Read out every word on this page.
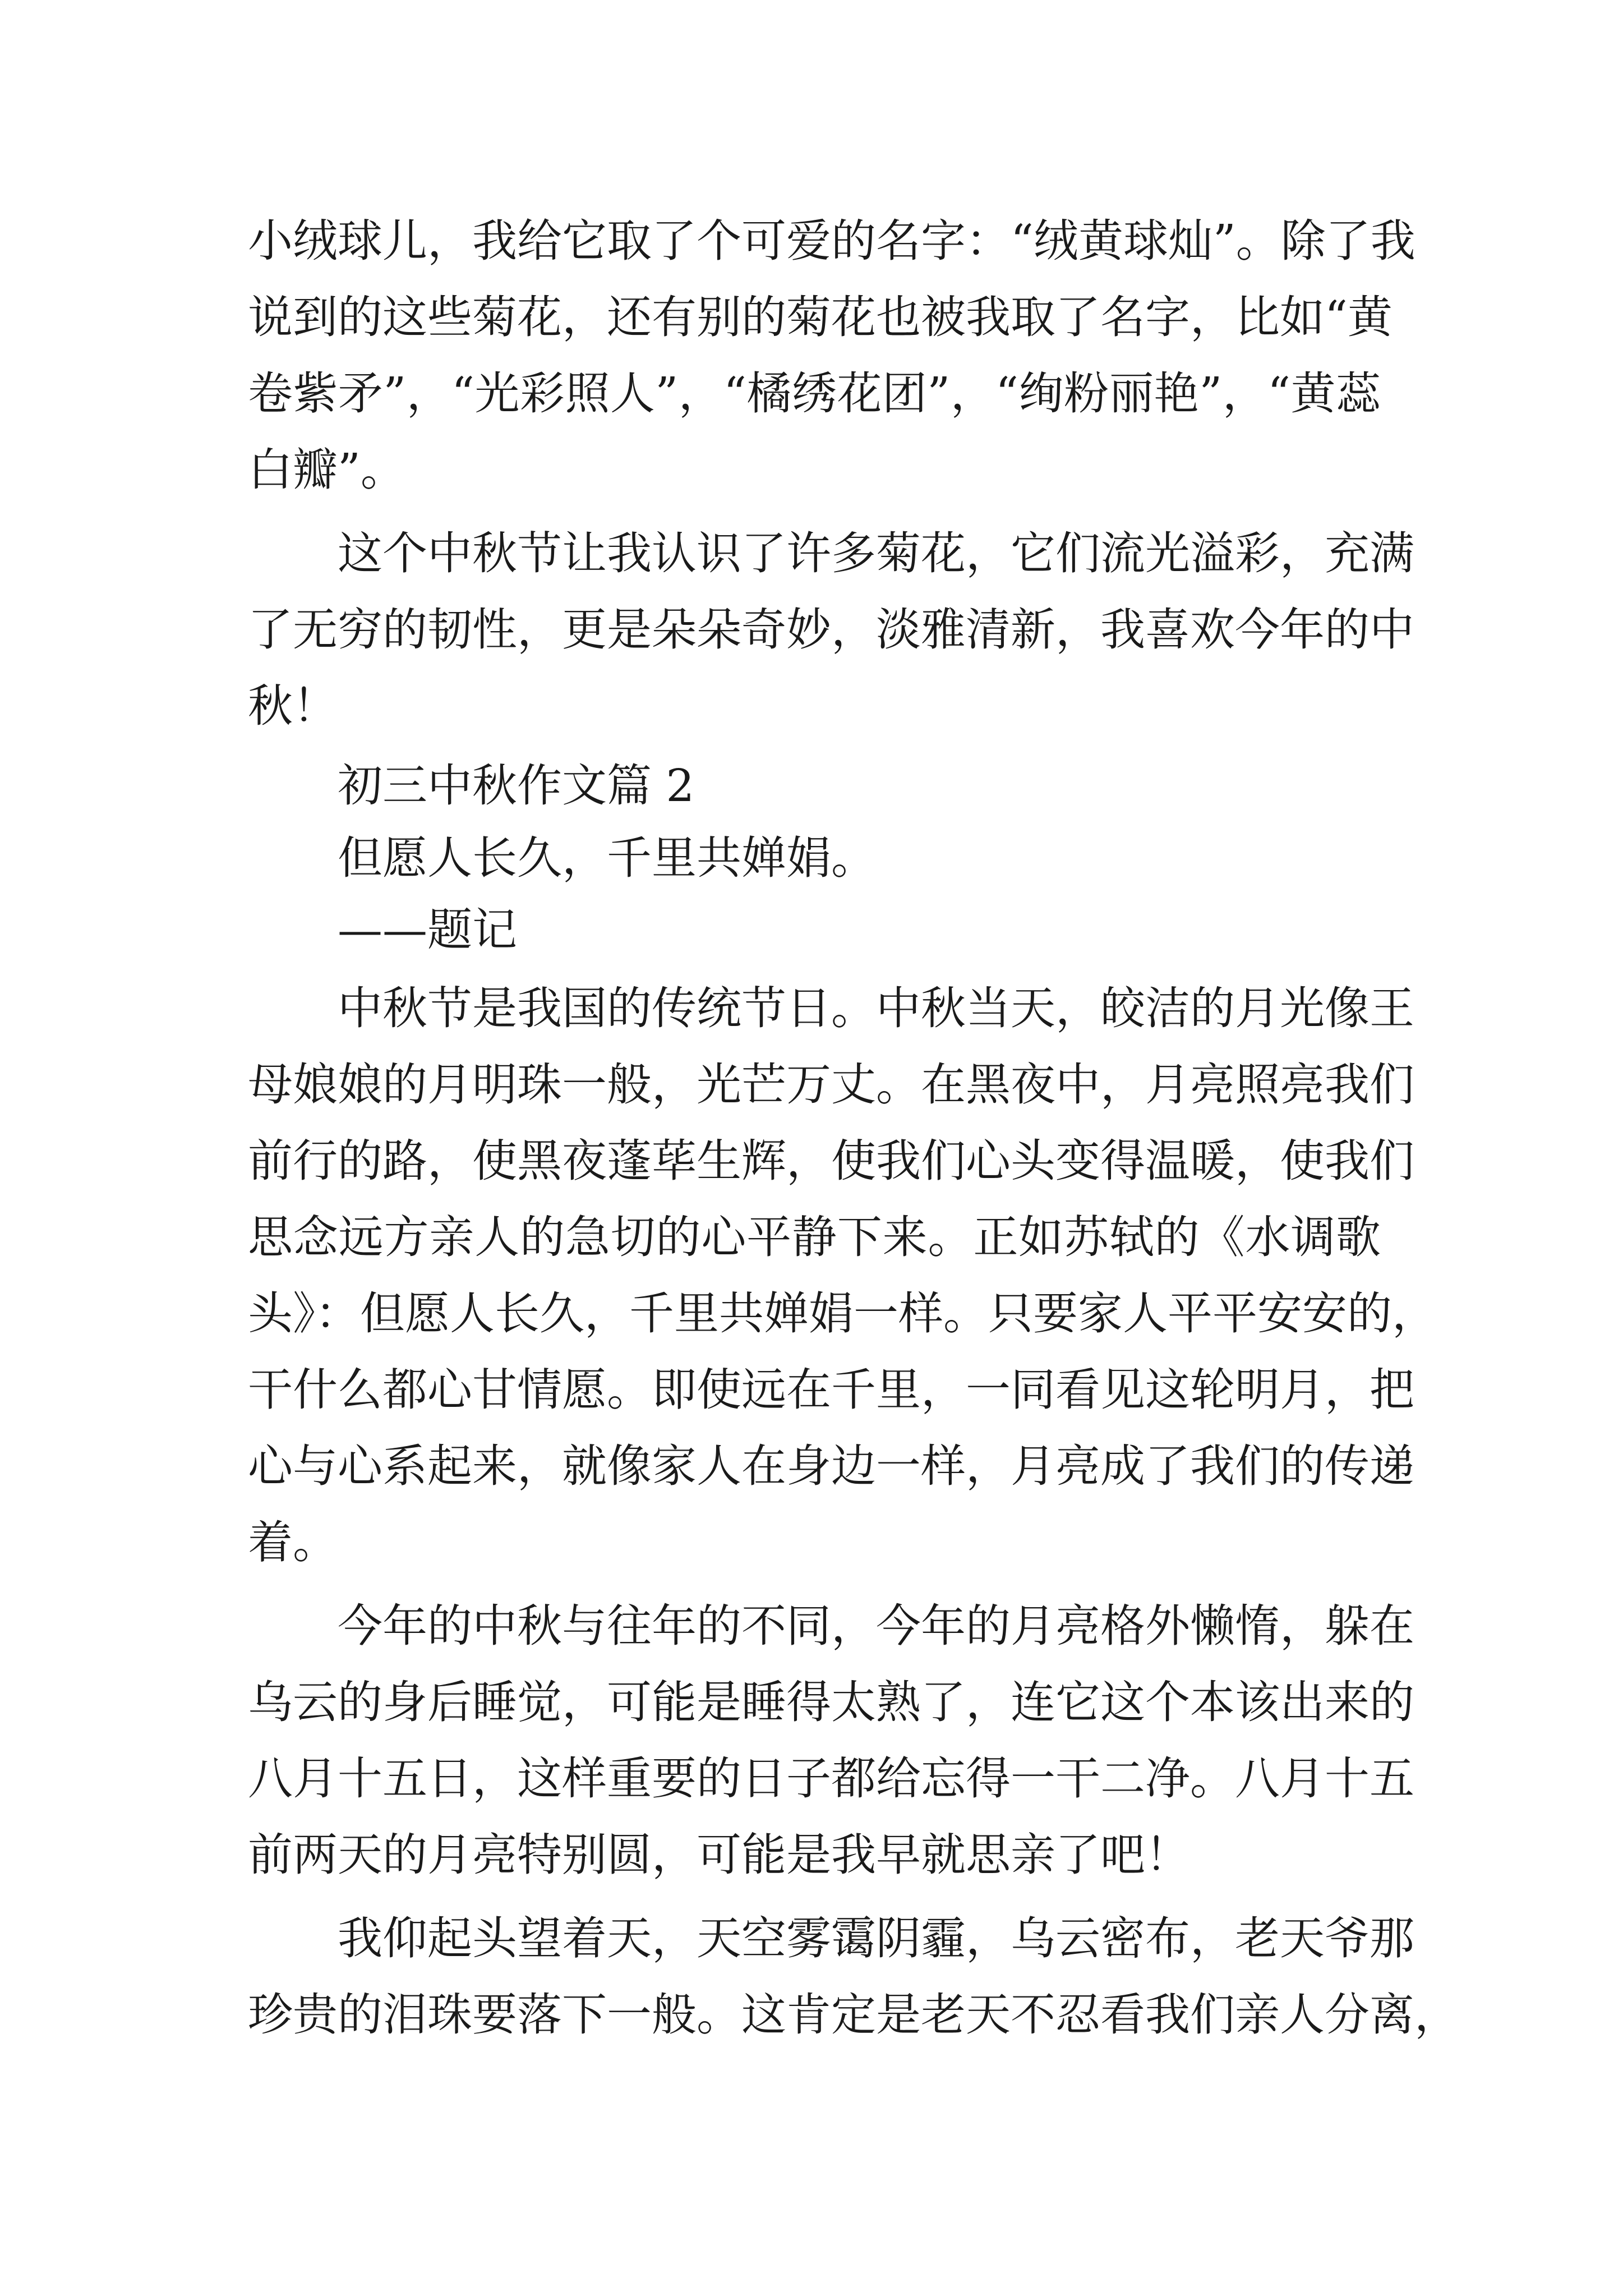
小绒球儿，我给它取了个可爱的名字：“绒黄球灿”。除了我
说到的这些菊花，还有别的菊花也被我取了名字，比如“黄
卷紫矛”，“光彩照人”，“橘绣花团”，“绚粉丽艳”，“黄蕊
白瓣”。
这个中秋节让我认识了许多菊花，它们流光溢彩，充满
了无穷的韧性，更是朵朵奇妙，淡雅清新，我喜欢今年的中
秋！
初三中秋作文篇 2
但愿人长久，千里共婵娟。
——题记
中秋节是我国的传统节日。中秋当天，皎洁的月光像王
母娘娘的月明珠一般，光芒万丈。在黑夜中，月亮照亮我们
前行的路，使黑夜蓬荜生辉，使我们心头变得温暖，使我们
思念远方亲人的急切的心平静下来。正如苏轼的《水调歌
头》：但愿人长久，千里共婵娟一样。只要家人平平安安的，
干什么都心甘情愿。即使远在千里，一同看见这轮明月，把
心与心系起来，就像家人在身边一样，月亮成了我们的传递
着。
今年的中秋与往年的不同，今年的月亮格外懒惰，躲在
乌云的身后睡觉，可能是睡得太熟了，连它这个本该出来的
八月十五日，这样重要的日子都给忘得一干二净。八月十五
前两天的月亮特别圆，可能是我早就思亲了吧！
我仰起头望着天，天空雾霭阴霾，乌云密布，老天爷那
珍贵的泪珠要落下一般。这肯定是老天不忍看我们亲人分离，
